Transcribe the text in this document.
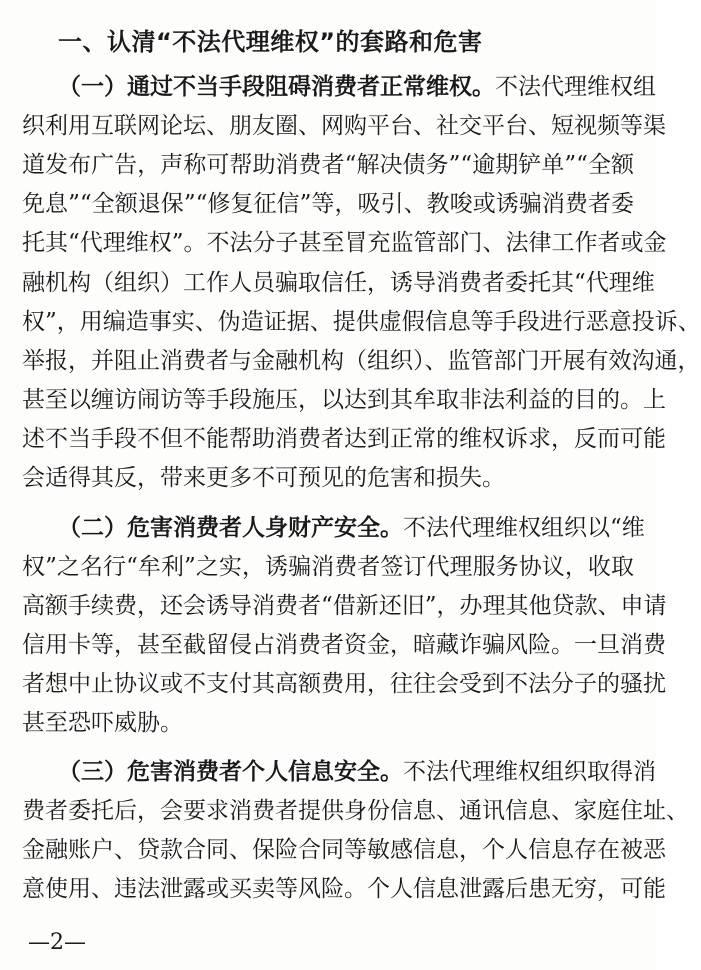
一、认清“不法代理维权”的套路和危害
（一）通过不当手段阻碍消费者正常维权。不法代理维权组
织利用互联网论坛、朋友圈、网购平台、社交平台、短视频等渠
道发布广告，声称可帮助消费者“解决债务”“逾期铲单”“全额
免息”“全额退保”“修复征信”等，吸引、教唆或诱骗消费者委
托其“代理维权”。不法分子甚至冒充监管部门、法律工作者或金
融机构（组织）工作人员骗取信任，诱导消费者委托其“代理维
权”，用编造事实、伪造证据、提供虚假信息等手段进行恶意投诉、
举报，并阻止消费者与金融机构（组织）、监管部门开展有效沟通，
甚至以缠访闹访等手段施压，以达到其牟取非法利益的目的。上
述不当手段不但不能帮助消费者达到正常的维权诉求，反而可能
会适得其反，带来更多不可预见的危害和损失。
（二）危害消费者人身财产安全。不法代理维权组织以“维
权”之名行“牟利”之实，诱骗消费者签订代理服务协议，收取
高额手续费，还会诱导消费者“借新还旧”，办理其他贷款、申请
信用卡等，甚至截留侵占消费者资金，暗藏诈骗风险。一旦消费
者想中止协议或不支付其高额费用，往往会受到不法分子的骚扰
甚至恐吓威胁。
（三）危害消费者个人信息安全。不法代理维权组织取得消
费者委托后，会要求消费者提供身份信息、通讯信息、家庭住址、
金融账户、贷款合同、保险合同等敏感信息，个人信息存在被恶
意使用、违法泄露或买卖等风险。个人信息泄露后患无穷，可能
—2—
